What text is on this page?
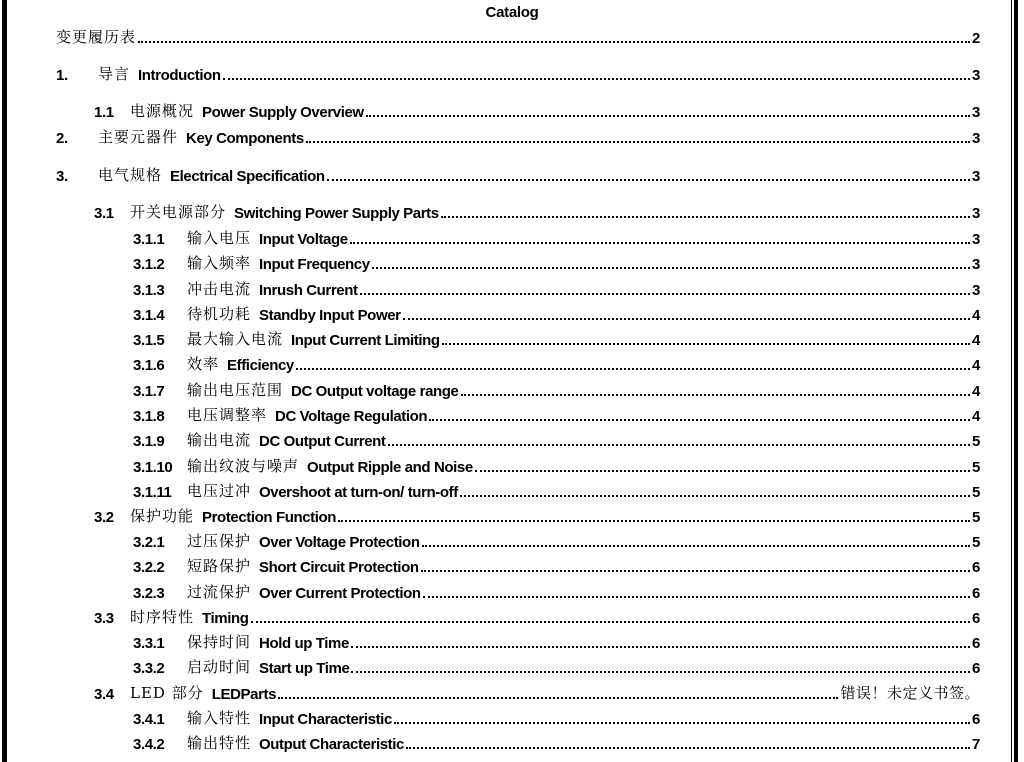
Catalog
变更履历表	2
1.	导言 Introduction	3
1.1	电源概况 Power Supply Overview	3
2.	主要元器件 Key Components	3
3.	电气规格 Electrical Specification	3
3.1	开关电源部分 Switching Power Supply Parts	3
3.1.1	输入电压 Input Voltage	3
3.1.2	输入频率 Input Frequency	3
3.1.3	冲击电流 Inrush Current	3
3.1.4	待机功耗 Standby Input Power	4
3.1.5	最大输入电流 Input Current Limiting	4
3.1.6	效率 Efficiency	4
3.1.7	输出电压范围 DC Output voltage range	4
3.1.8	电压调整率 DC Voltage Regulation	4
3.1.9	输出电流 DC Output Current	5
3.1.10 输出纹波与噪声 Output Ripple and Noise	5
3.1.11	电压过冲 Overshoot at turn-on/ turn-off	5
3.2	保护功能 Protection Function	5
3.2.1	过压保护 Over Voltage Protection	5
3.2.2	短路保护 Short Circuit Protection	6
3.2.3	过流保护 Over Current Protection	6
3.3	时序特性 Timing	6
3.3.1	保持时间 Hold up Time	6
3.3.2	启动时间 Start up Time	6
3.4	LED 部分 LEDParts	错误！未定义书签。
3.4.1	输入特性 Input Characteristic	6
3.4.2	输出特性 Output Characteristic	7
